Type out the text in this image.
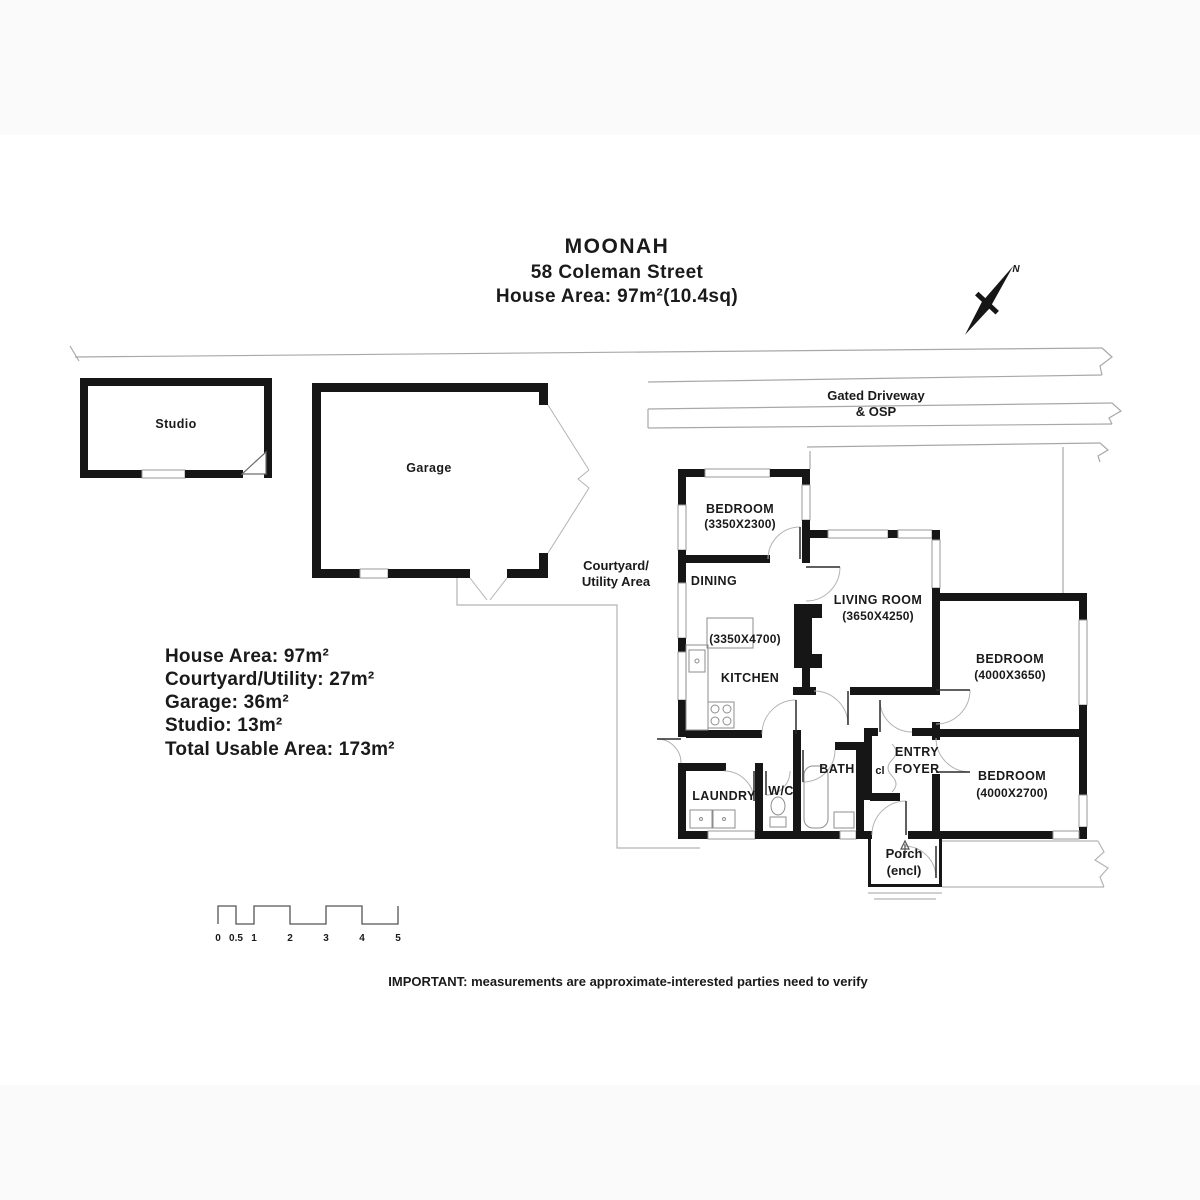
MOONAH
58 Coleman Street
House Area: 97m²(10.4sq)
N
Gated Driveway
& OSP
Courtyard/
Utility Area
Studio
Garage
BEDROOM
(3350X2300)
DINING
(3350X4700)
KITCHEN
LIVING ROOM
(3650X4250)
BEDROOM
(4000X3650)
BEDROOM
(4000X2700)
LAUNDRY W/C
BATH
ENTRY
FOYER
cl
Porch
(encl)
House Area: 97m²
Courtyard/Utility: 27m²
Garage: 36m²
Studio: 13m²
Total Usable Area: 173m²
0 0.5 1	2	3	4	5
IMPORTANT: measurements are approximate-interested parties need to verify
